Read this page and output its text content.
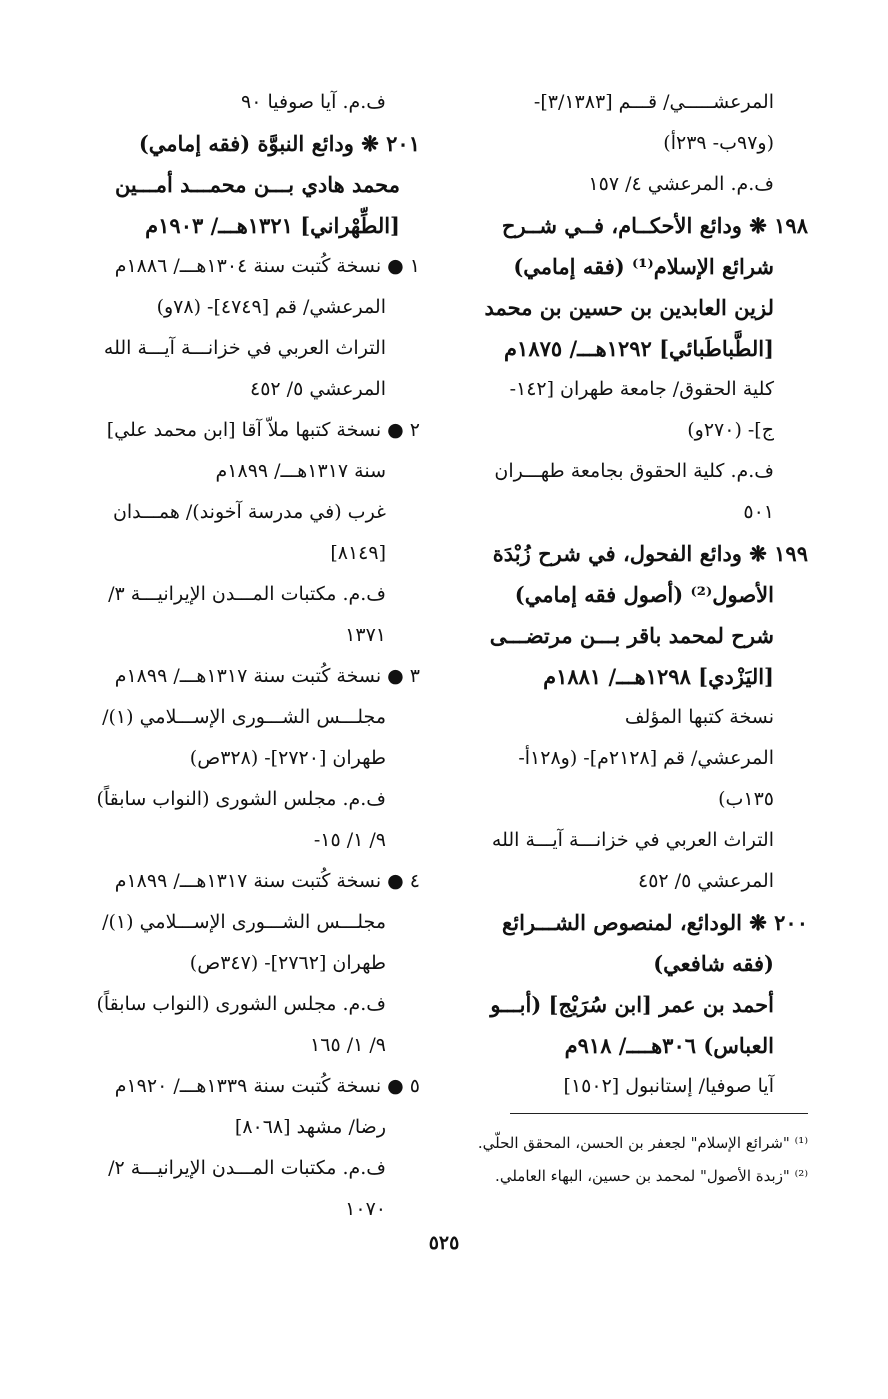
المرعشـــــي/ قـــم [٣/١٣٨٣]-
(و٩٧ب- ٢٣٩أ)
ف.م. المرعشي ٤/ ١٥٧
١٩٨ ❋ ودائع الأحكــام، فــي شــرح
شرائع الإسلام⁽¹⁾ (فقه إمامي)
لزين العابدين بن حسين بن محمد
[الطَّباطَبائي] ١٢٩٢هـــ/ ١٨٧٥م
كلية الحقوق/ جامعة طهران [١٤٢-
ج]- (٢٧٠و)
ف.م. كلية الحقوق بجامعة طهـــران
٥٠١
١٩٩ ❋ ودائع الفحول، في شرح زُبْدَة
الأصول⁽²⁾ (أصول فقه إمامي)
شرح لمحمد باقر بـــن مرتضـــى
[اليَزْدي] ١٢٩٨هـــ/ ١٨٨١م
نسخة كتبها المؤلف
المرعشي/ قم [٢١٢٨م]- (و١٢٨أ-
١٣٥ب)
التراث العربي في خزانـــة آيـــة الله
المرعشي ٥/ ٤٥٢
٢٠٠ ❋ الودائع، لمنصوص الشـــرائع
(فقه شافعي)
أحمد بن عمر [ابن سُرَيْج] (أبـــو
العباس) ٣٠٦هــــ/ ٩١٨م
آيا صوفيا/ إستانبول [١٥٠٢]
ف.م. آيا صوفيا ٩٠
٢٠١ ❋ ودائع النبوَّة (فقه إمامي)
محمد هادي بـــن محمـــد أمـــين
[الطِّهْراني] ١٣٢١هـــ/ ١٩٠٣م
١ ● نسخة كُتبت سنة ١٣٠٤هـــ/ ١٨٨٦م
المرعشي/ قم [٤٧٤٩]- (٧٨و)
التراث العربي في خزانـــة آيـــة الله
المرعشي ٥/ ٤٥٢
٢ ● نسخة كتبها ملاّ آقا [ابن محمد علي]
سنة ١٣١٧هـــ/ ١٨٩٩م
غرب (في مدرسة آخوند)/ همـــدان
[٨١٤٩]
ف.م. مكتبات المـــدن الإيرانيـــة ٣/
١٣٧١
٣ ● نسخة كُتبت سنة ١٣١٧هـــ/ ١٨٩٩م
مجلـــس الشـــورى الإســـلامي (١)/
طهران [٢٧٢٠]- (٣٢٨ص)
ف.م. مجلس الشورى (النواب سابقاً)
٩/ ١/ ١٥-
٤ ● نسخة كُتبت سنة ١٣١٧هـــ/ ١٨٩٩م
مجلـــس الشـــورى الإســـلامي (١)/
طهران [٢٧٦٢]- (٣٤٧ص)
ف.م. مجلس الشورى (النواب سابقاً)
٩/ ١/ ١٦٥
٥ ● نسخة كُتبت سنة ١٣٣٩هـــ/ ١٩٢٠م
رضا/ مشهد [٨٠٦٨]
ف.م. مكتبات المـــدن الإيرانيـــة ٢/
١٠٧٠
⁽¹⁾ "شرائع الإسلام" لجعفر بن الحسن، المحقق الحلّي.
⁽²⁾ "زبدة الأصول" لمحمد بن حسين، البهاء العاملي.
٥٢٥
